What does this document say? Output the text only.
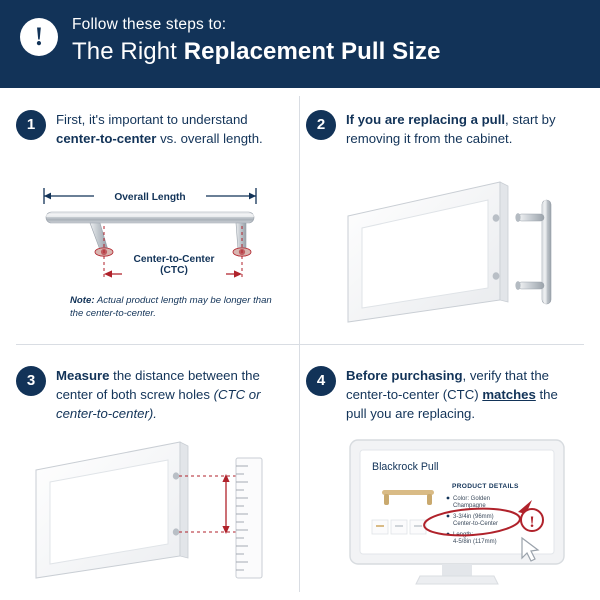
!	Follow these steps to:
The Right Replacement Pull Size
1	First, it's important to understand center-to-center vs. overall length.
Overall Length
Center-to-Center
(CTC)
Note: Actual product length may be longer than the center-to-center.
2	If you are replacing a pull, start by removing it from the cabinet.
3	Measure the distance between the center of both screw holes (CTC or center-to-center).
4	Before purchasing, verify that the center-to-center (CTC) matches the pull you are replacing.
Blackrock Pull
PRODUCT DETAILS
Color: Golden
Champagne
3-3/4in (96mm)
Center-to-Center
Length:
4-5/8in (117mm)
!
